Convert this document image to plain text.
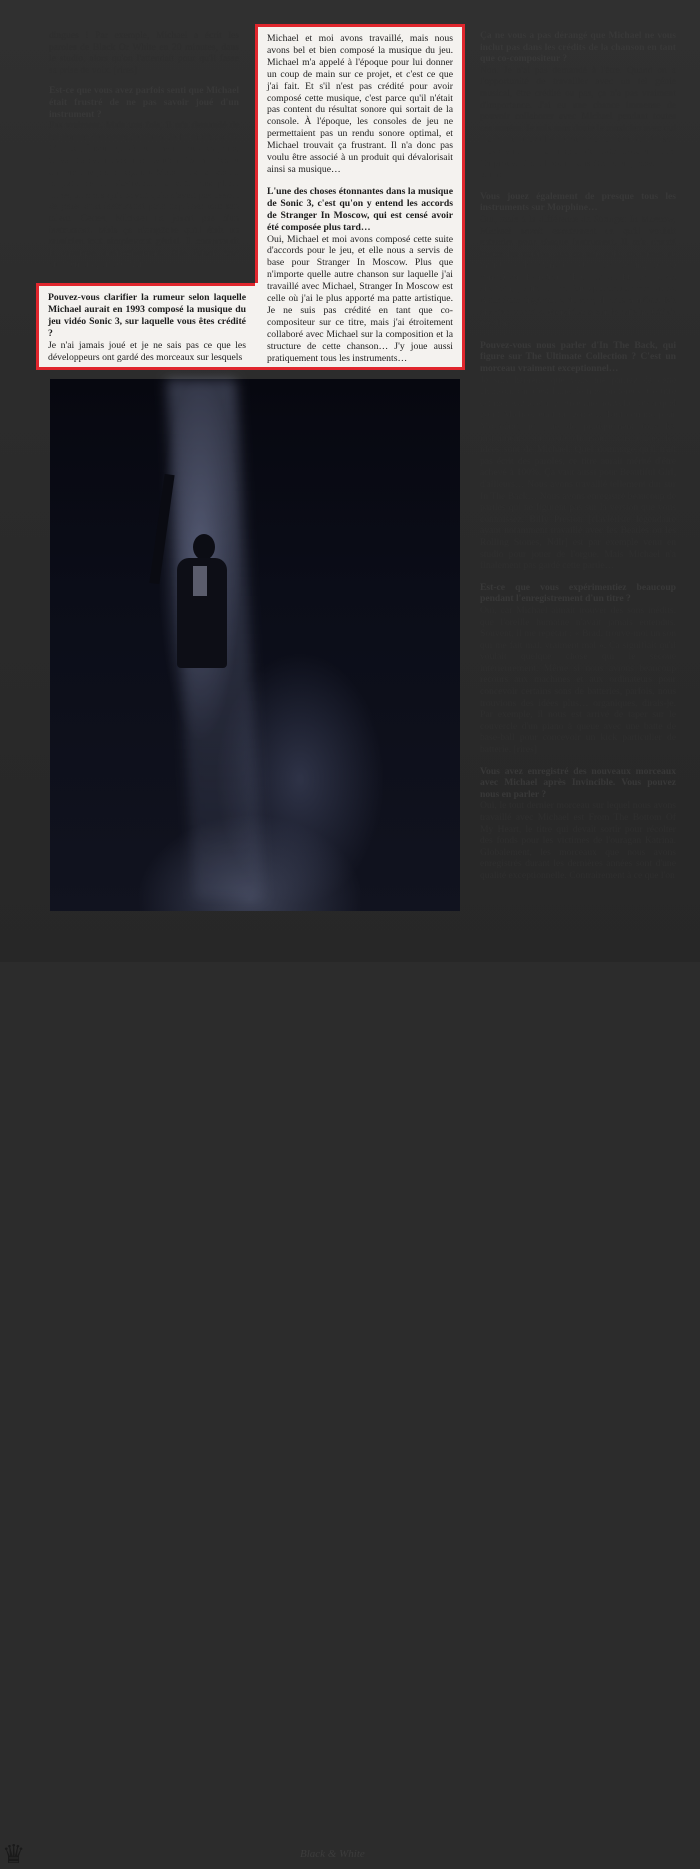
dingues ! Par exemple, Michael a écrit les paroles de Black Or White en 20 minutes, dans le studio, alors qu'on l'attendait pour qu'il fasse sa prise de voix. [rires]

Est-ce que vous avez parfois senti que Michael était frustré de ne pas savoir joué d'un instrument ?

Pas vraiment. Mais une fois, il m'a demandé de lui donner des cours de piano. Je lui ai dit : « Ok Michael, faisons ça sérieusement. Tous les jours, tu vas t'asseoir avec moi pendant 15 minutes et on fera une petite leçon. » Mais il n'a jamais eu la patience de s'astreindre à cette discipline. [rires] Je crois qu'il savait qu'il n'avait pas besoin de jouer d'un instrument pour exprimer tout son talent. Certes, Michael ne jouait pas d'un instrument. Mais ça n'empêche qu'il était un musicien tout simplement génial. Il comprenait la musique instinctivement. Elle faisait tout simplement partie de lui…

Ça ne vous a pas dérangé que Michael ne vous inclut pas dans les crédits de la chanson en tant que co-compositeur ?

Non. Je n'ai pas demandé à l'être. Quand on a l'opportunité de travailler avec un tel génie musical, être crédité ou pas, ça n'a pas vraiment d'importance. J'ai eu une chance immense de pouvoir collaborer avec Michael pendant toutes ces années. Je suis sans doute le musicien avec qui il a le plus travaillé de toute sa carrière. J'ai été son musicien et son arrangeur de 1989 jusqu'en 2006. Ça prouve à quel point nous étions en phase, hi hi et moi…

Vous jouez également de presque tous les instruments sur Morphine…

Oui, mais à la différence de Stranger In Moscow, Michael savait exactement ce qu'il voulait entendre pour chaque instrument. Il m'a chanté toutes les parties, que ce soit celle du piano au milieu de la chanson, ou celles des nappes de synthé sur le refrain. Tout est de lui. Sur cette chanson, je n'ai donc fait qu'exécuter ses idées. Avec deux ingénieurs du son, il nous a même fait chanter le mot « Morphine » sur le refrain. C'était très fun…

Pouvez-vous nous parler d'In The Back, qui figure sur The Ultimate Collection ? C'est un morceau vraiment exceptionnel…

Je suis heureux que vous me parliez de cette chanson, car c'est l'une de mes préférées. Ce titre est incroyable et il prouve une nouvelle fois à quel point Michael était un génie… Tout comme pour Morphine, je joue de pratiquement tous les instruments sur cette chanson, mais toutes les idées sont de Michael. Quel dommage qu'il n'ait pas écrit des paroles, ce titre aurait mérité d'être achevé à 100%. Ça vaut aussi pour Beautiful Girl, d'ailleurs… Nous avons travaillé tellement dur sur In The Back… Nous avons enregistré beaucoup de parties qui ne figurent pas sur la version que vous connaissez. Billy Preston [claviériste légendaire ayant notamment travaillé avec les Beatles ou les Rolling Stones, Ndlr] est par exemple venu en studio pour jouer de l'orgue. Mais Michael n'a finalement pas gardé cette partie…

Est-ce que vous expérimentiez beaucoup pendant l'enregistrement d'un titre ?

Oui, car Michael aimait trouver des sons inédits, que l'oreille humaine n'avait jamais entendus. Souvent, il me répétait : « Brad, trouve-moi un son qui me fait mal, vraiment mal ». Ça signifiait qu'il voulait quelque chose qui le secoue intérieurement. Même si nous avions beaucoup recours aux machines et aux ordinateurs pour concevoir certains sons de batteries, parfois, nous trouvions des idées plus… organiques, dirais-je. Par exemple, il nous est arrivé de taper sur le couvercle d'un piano à queue avec une batte de base-ball pour concevoir un kick particulier de batterie. [rires]

Vous avez enregistré des nouveaux morceaux avec Michael après Invincible. Vous pouvez nous en parler ?

Oui, le tout dernier morceau sur lequel nous avons travaillé avec Michael est From The Bottom Of My Heart, le titre qui devait sortir pour récolter des fonds pour les victimes de l'ouragan Katrina. Globalement, les morceaux que nous avons enregistrés durant les dernières années sont d'une qualité exceptionnelle. Contrairement à ce que l'on

Michael et moi avons travaillé, mais nous avons bel et bien composé la musique du jeu. Michael m'a appelé à l'époque pour lui donner un coup de main sur ce projet, et c'est ce que j'ai fait. Et s'il n'est pas crédité pour avoir composé cette musique, c'est parce qu'il n'était pas content du résultat sonore qui sortait de la console. À l'époque, les consoles de jeu ne permettaient pas un rendu sonore optimal, et Michael trouvait ça frustrant. Il n'a donc pas voulu être associé à un produit qui dévalorisait ainsi sa musique…

L'une des choses étonnantes dans la musique de Sonic 3, c'est qu'on y entend les accords de Stranger In Moscow, qui est censé avoir été composée plus tard…

Oui, Michael et moi avons composé cette suite d'accords pour le jeu, et elle nous a servis de base pour Stranger In Moscow. Plus que n'importe quelle autre chanson sur laquelle j'ai travaillé avec Michael, Stranger In Moscow est celle où j'ai le plus apporté ma patte artistique. Je ne suis pas crédité en tant que co-compositeur sur ce titre, mais j'ai étroitement collaboré avec Michael sur la composition et la structure de cette chanson… J'y joue aussi pratiquement tous les instruments…

Pouvez-vous clarifier la rumeur selon laquelle Michael aurait en 1993 composé la musique du jeu vidéo Sonic 3, sur laquelle vous êtes crédité ?

Je n'ai jamais joué et je ne sais pas ce que les développeurs ont gardé des morceaux sur lesquels

♛	Black & White
